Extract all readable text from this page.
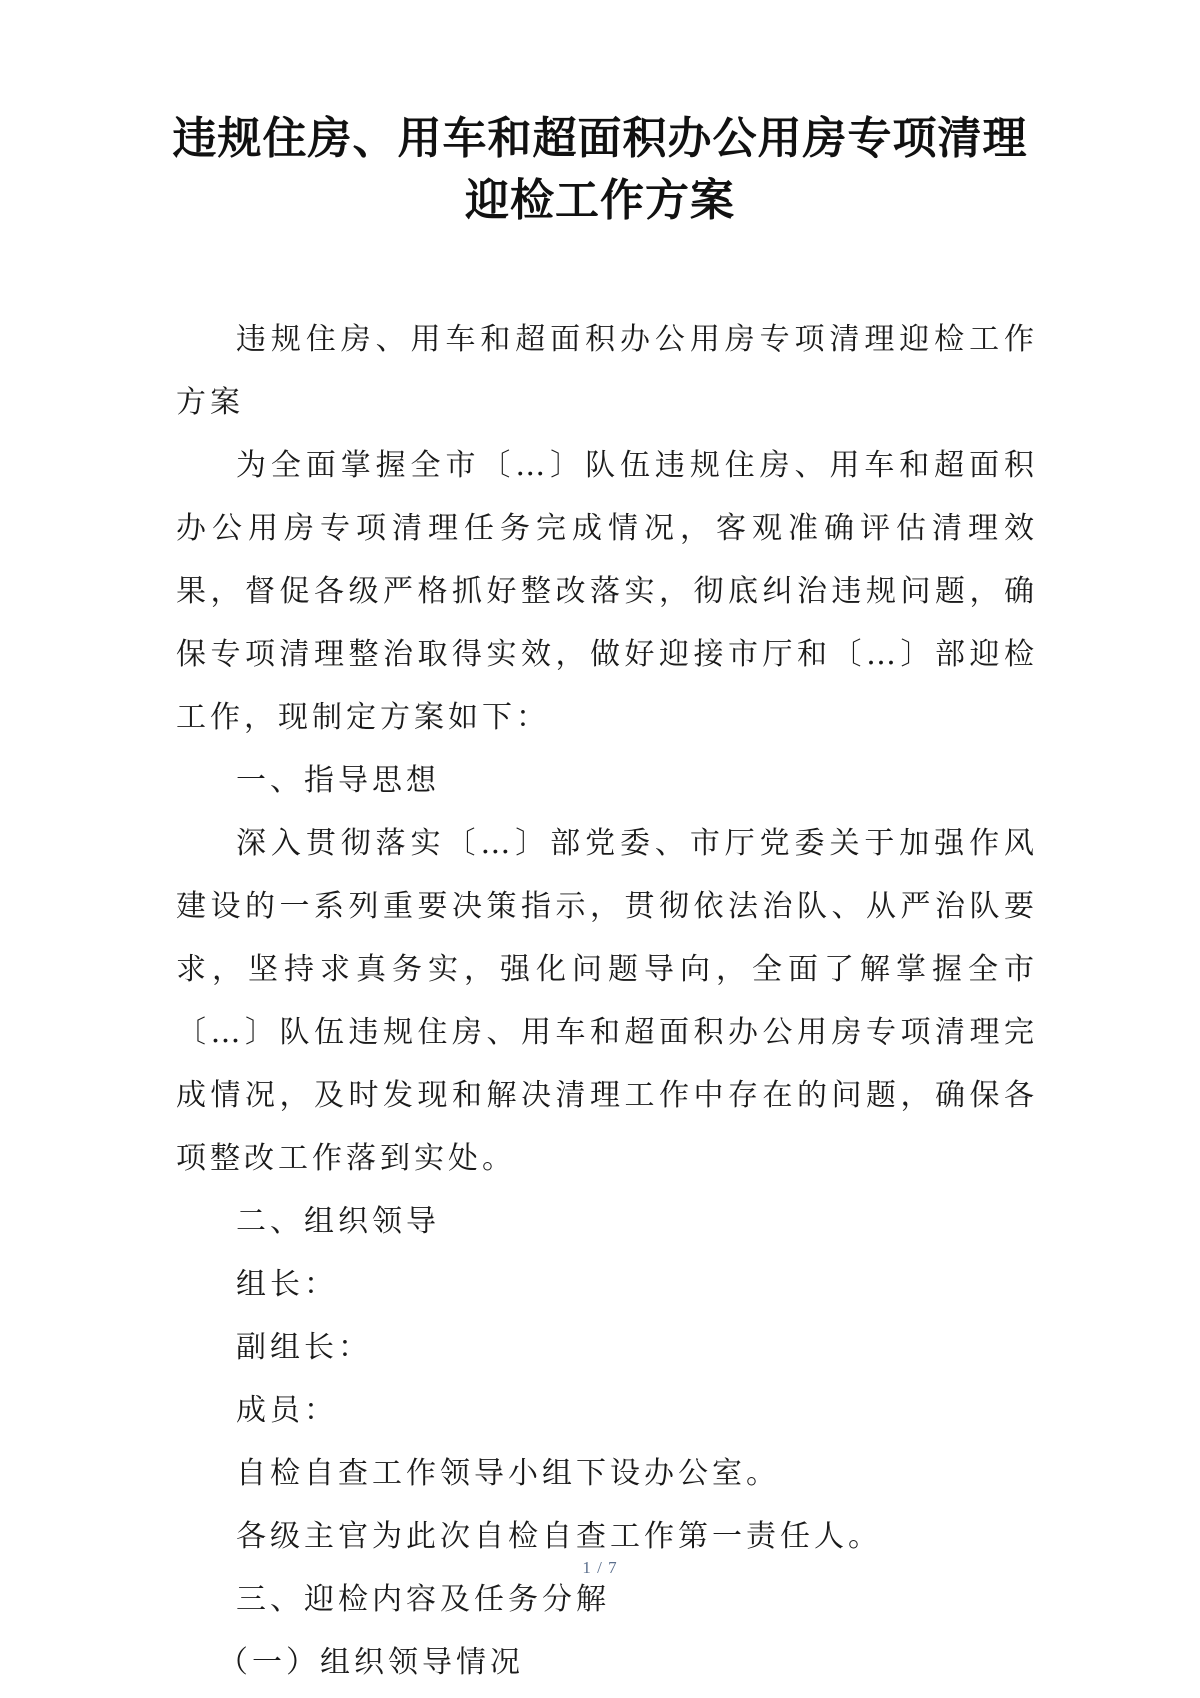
违规住房、用车和超面积办公用房专项清理
迎检工作方案

违规住房、用车和超面积办公用房专项清理迎检工作方案

为全面掌握全市〔…〕队伍违规住房、用车和超面积办公用房专项清理任务完成情况，客观准确评估清理效果，督促各级严格抓好整改落实，彻底纠治违规问题，确保专项清理整治取得实效，做好迎接市厅和〔…〕部迎检工作，现制定方案如下：

一、指导思想

深入贯彻落实〔…〕部党委、市厅党委关于加强作风建设的一系列重要决策指示，贯彻依法治队、从严治队要求，坚持求真务实，强化问题导向，全面了解掌握全市〔…〕队伍违规住房、用车和超面积办公用房专项清理完成情况，及时发现和解决清理工作中存在的问题，确保各项整改工作落到实处。

二、组织领导

组长：

副组长：

成员：

自检自查工作领导小组下设办公室。

各级主官为此次自检自查工作第一责任人。

三、迎检内容及任务分解

（一）组织领导情况

1 / 7
